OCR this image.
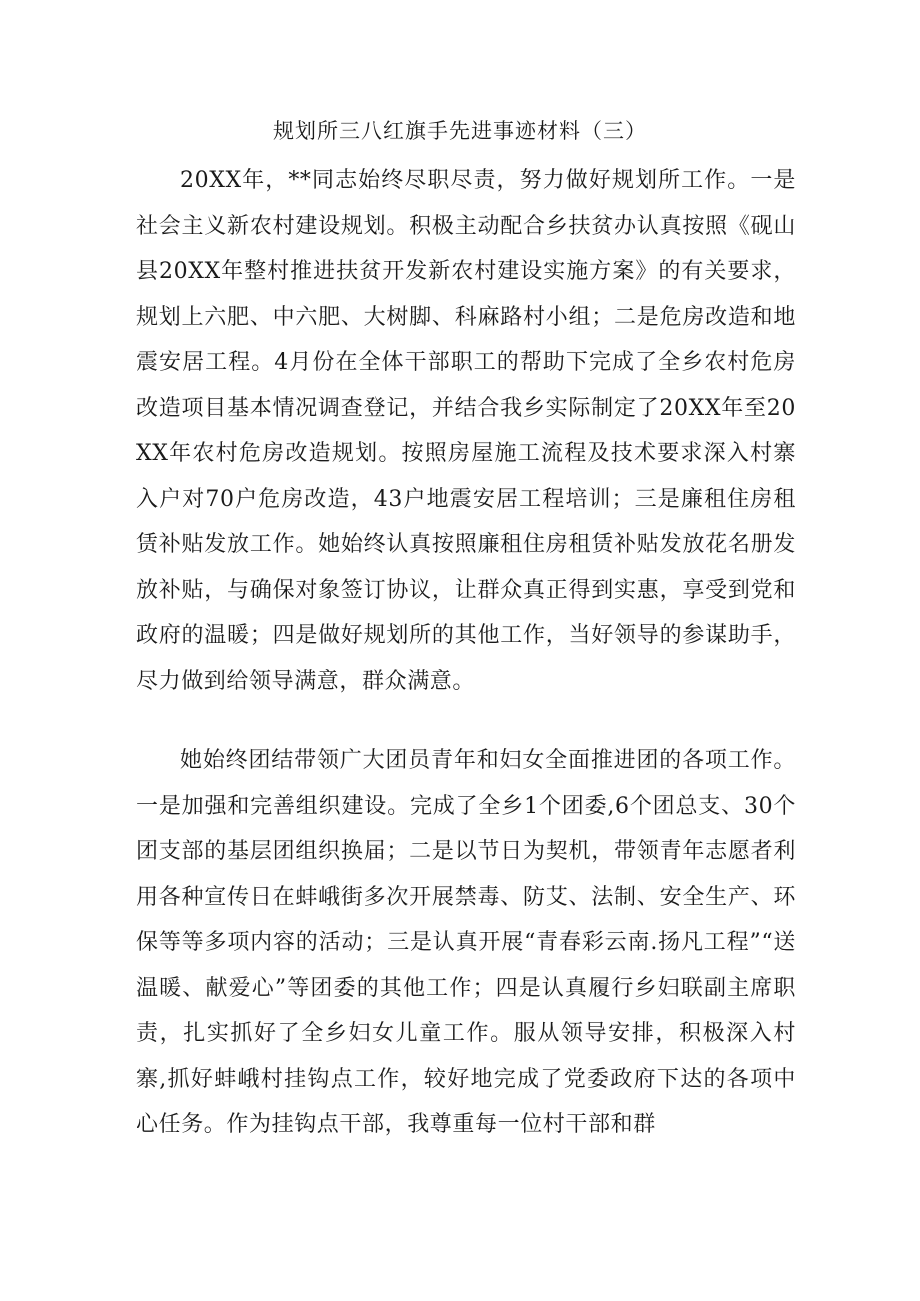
规划所三八红旗手先进事迹材料（三）

20XX年，**同志始终尽职尽责，努力做好规划所工作。一是社会主义新农村建设规划。积极主动配合乡扶贫办认真按照《砚山县20XX年整村推进扶贫开发新农村建设实施方案》的有关要求，规划上六肥、中六肥、大树脚、科麻路村小组；二是危房改造和地震安居工程。4月份在全体干部职工的帮助下完成了全乡农村危房改造项目基本情况调查登记，并结合我乡实际制定了20XX年至20XX年农村危房改造规划。按照房屋施工流程及技术要求深入村寨入户对70户危房改造，43户地震安居工程培训；三是廉租住房租赁补贴发放工作。她始终认真按照廉租住房租赁补贴发放花名册发放补贴，与确保对象签订协议，让群众真正得到实惠，享受到党和政府的温暖；四是做好规划所的其他工作，当好领导的参谋助手，尽力做到给领导满意，群众满意。

她始终团结带领广大团员青年和妇女全面推进团的各项工作。一是加强和完善组织建设。完成了全乡1个团委,6个团总支、30个团支部的基层团组织换届；二是以节日为契机，带领青年志愿者利用各种宣传日在蚌峨街多次开展禁毒、防艾、法制、安全生产、环保等等多项内容的活动；三是认真开展“青春彩云南.扬凡工程”“送温暖、献爱心”等团委的其他工作；四是认真履行乡妇联副主席职责，扎实抓好了全乡妇女儿童工作。服从领导安排，积极深入村寨,抓好蚌峨村挂钩点工作，较好地完成了党委政府下达的各项中心任务。作为挂钩点干部，我尊重每一位村干部和群
